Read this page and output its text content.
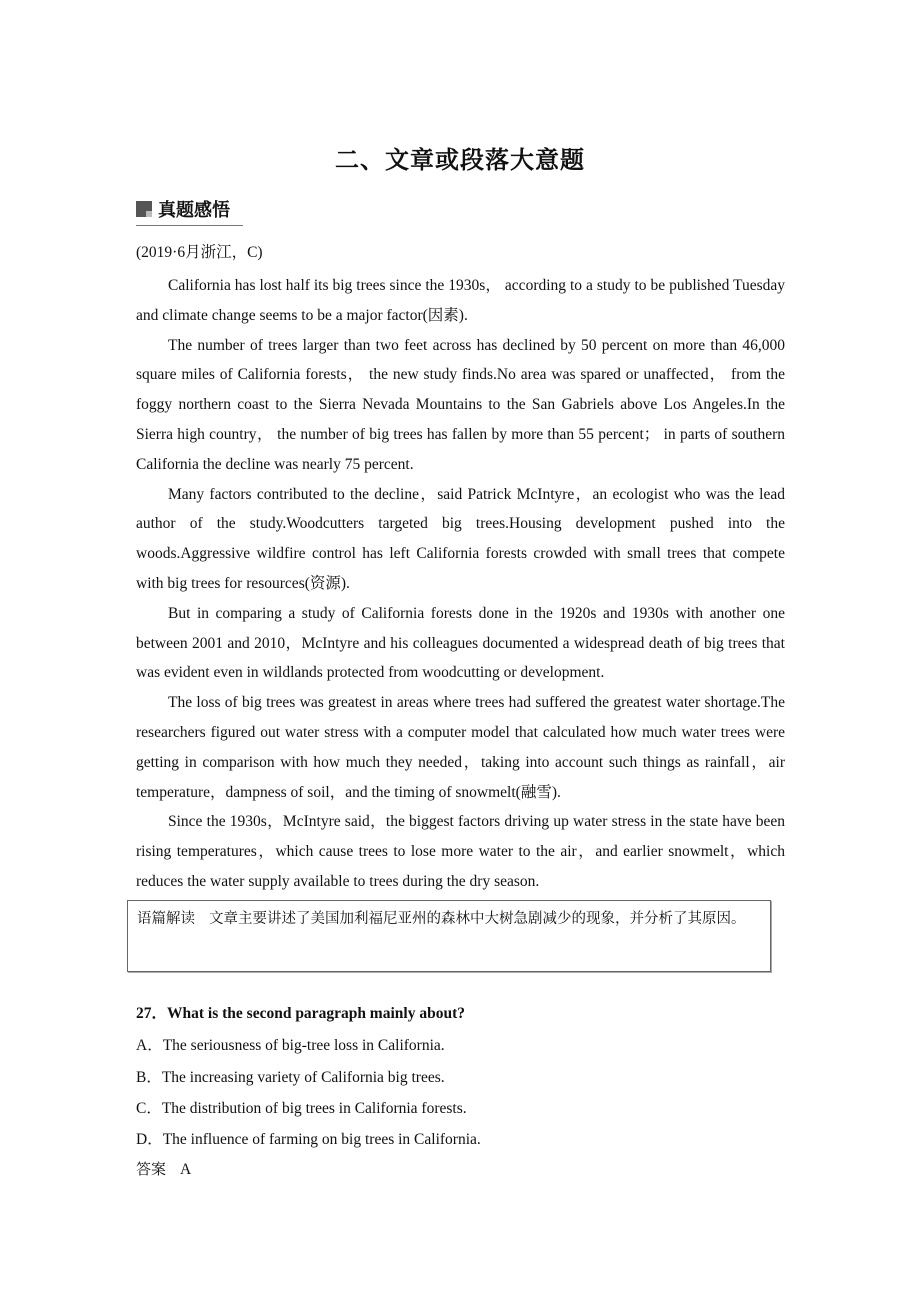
二、文章或段落大意题
真题感悟
(2019·6月浙江，C)

California has lost half its big trees since the 1930s， according to a study to be published Tuesday and climate change seems to be a major factor(因素).

The number of trees larger than two feet across has declined by 50 percent on more than 46,000 square miles of California forests， the new study finds.No area was spared or unaffected， from the foggy northern coast to the Sierra Nevada Mountains to the San Gabriels above Los Angeles.In the Sierra high country， the number of big trees has fallen by more than 55 percent； in parts of southern California the decline was nearly 75 percent.

Many factors contributed to the decline，said Patrick McIntyre，an ecologist who was the lead author of the study.Woodcutters targeted big trees.Housing development pushed into the woods.Aggressive wildfire control has left California forests crowded with small trees that compete with big trees for resources(资源).

But in comparing a study of California forests done in the 1920s and 1930s with another one between 2001 and 2010，McIntyre and his colleagues documented a widespread death of big trees that was evident even in wildlands protected from woodcutting or development.

The loss of big trees was greatest in areas where trees had suffered the greatest water shortage.The researchers figured out water stress with a computer model that calculated how much water trees were getting in comparison with how much they needed，taking into account such things as rainfall，air temperature，dampness of soil，and the timing of snowmelt(融雪).

Since the 1930s，McIntyre said，the biggest factors driving up water stress in the state have been rising temperatures，which cause trees to lose more water to the air，and earlier snowmelt，which reduces the water supply available to trees during the dry season.

语篇解读 文章主要讲述了美国加利福尼亚州的森林中大树急剧减少的现象，并分析了其原因。
27．What is the second paragraph mainly about?
A．The seriousness of big-tree loss in California.
B．The increasing variety of California big trees.
C．The distribution of big trees in California forests.
D．The influence of farming on big trees in California.
答案 A
